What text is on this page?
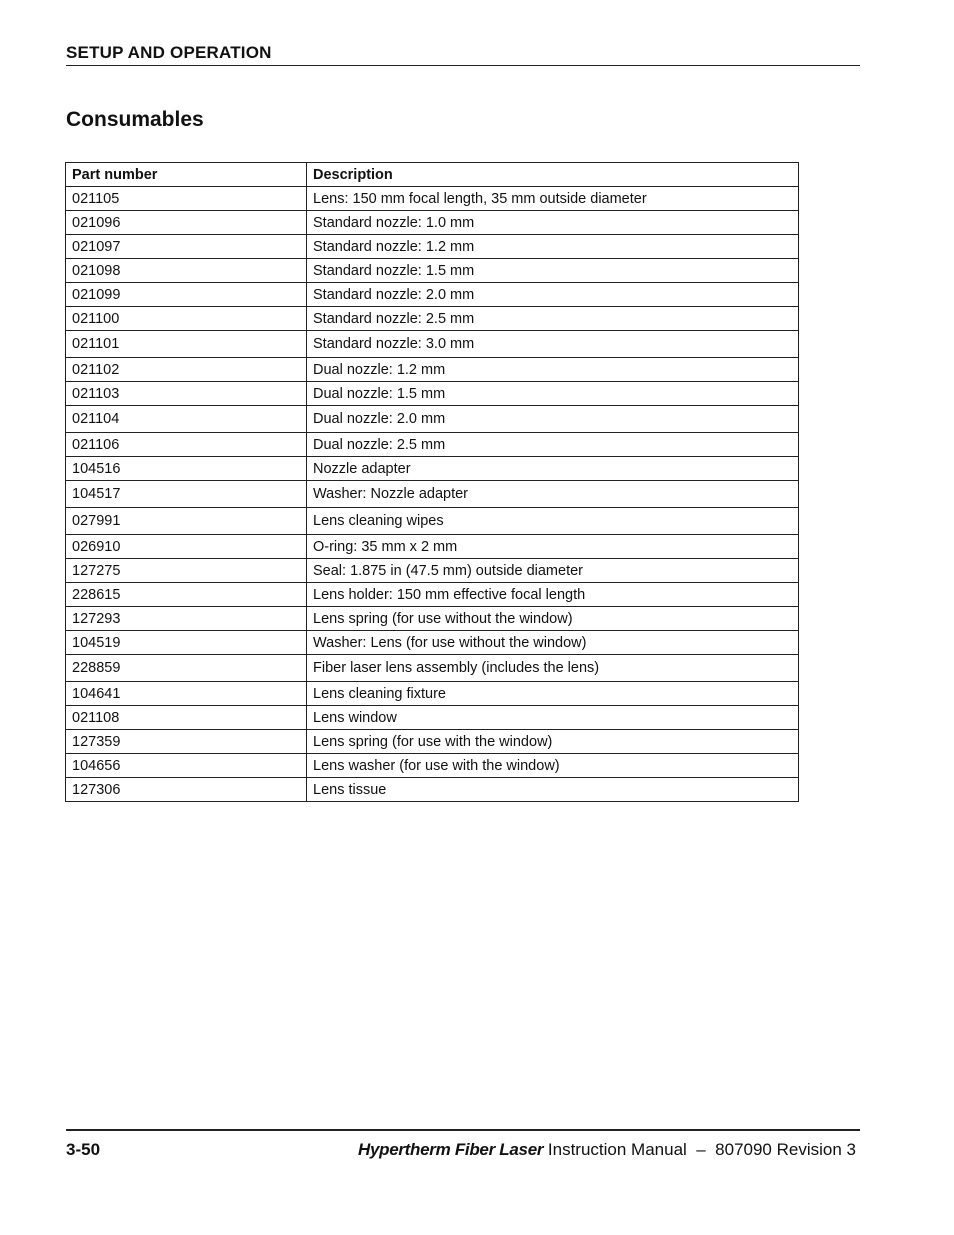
SETUP AND OPERATION
Consumables
Part number	Description
021105	Lens: 150 mm focal length, 35 mm outside diameter
021096	Standard nozzle: 1.0 mm
021097	Standard nozzle: 1.2 mm
021098	Standard nozzle: 1.5 mm
021099	Standard nozzle: 2.0 mm
021100	Standard nozzle: 2.5 mm
021101	Standard nozzle: 3.0 mm
021102	Dual nozzle: 1.2 mm
021103	Dual nozzle: 1.5 mm
021104	Dual nozzle: 2.0 mm
021106	Dual nozzle: 2.5 mm
104516	Nozzle adapter
104517	Washer: Nozzle adapter
027991	Lens cleaning wipes
026910	O-ring: 35 mm x 2 mm
127275	Seal: 1.875 in (47.5 mm) outside diameter
228615	Lens holder: 150 mm effective focal length
127293	Lens spring (for use without the window)
104519	Washer: Lens (for use without the window)
228859	Fiber laser lens assembly (includes the lens)
104641	Lens cleaning fixture
021108	Lens window
127359	Lens spring (for use with the window)
104656	Lens washer (for use with the window)
127306	Lens tissue
3-50	Hypertherm Fiber Laser Instruction Manual  –  807090 Revision 3
